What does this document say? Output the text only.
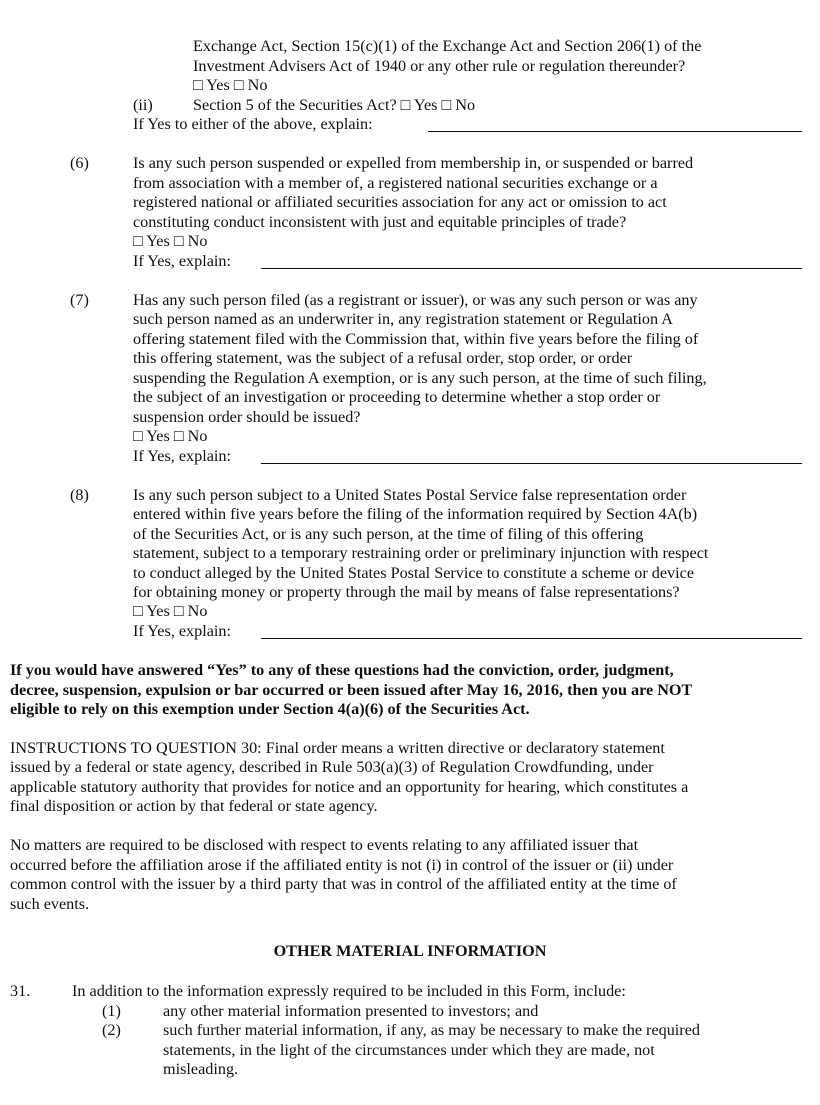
Exchange Act, Section 15(c)(1) of the Exchange Act and Section 206(1) of the
Investment Advisers Act of 1940 or any other rule or regulation thereunder?
□ Yes □ No
(ii) Section 5 of the Securities Act? □ Yes □ No
If Yes to either of the above, explain:
(6)	Is any such person suspended or expelled from membership in, or suspended or barred
from association with a member of, a registered national securities exchange or a
registered national or affiliated securities association for any act or omission to act
constituting conduct inconsistent with just and equitable principles of trade?
□ Yes □ No
If Yes, explain:
(7)	Has any such person filed (as a registrant or issuer), or was any such person or was any
such person named as an underwriter in, any registration statement or Regulation A
offering statement filed with the Commission that, within five years before the filing of
this offering statement, was the subject of a refusal order, stop order, or order
suspending the Regulation A exemption, or is any such person, at the time of such filing,
the subject of an investigation or proceeding to determine whether a stop order or
suspension order should be issued?
□ Yes □ No
If Yes, explain:
(8)	Is any such person subject to a United States Postal Service false representation order
entered within five years before the filing of the information required by Section 4A(b)
of the Securities Act, or is any such person, at the time of filing of this offering
statement, subject to a temporary restraining order or preliminary injunction with respect
to conduct alleged by the United States Postal Service to constitute a scheme or device
for obtaining money or property through the mail by means of false representations?
□ Yes □ No
If Yes, explain:
If you would have answered “Yes” to any of these questions had the conviction, order, judgment,
decree, suspension, expulsion or bar occurred or been issued after May 16, 2016, then you are NOT
eligible to rely on this exemption under Section 4(a)(6) of the Securities Act.
INSTRUCTIONS TO QUESTION 30: Final order means a written directive or declaratory statement
issued by a federal or state agency, described in Rule 503(a)(3) of Regulation Crowdfunding, under
applicable statutory authority that provides for notice and an opportunity for hearing, which constitutes a
final disposition or action by that federal or state agency.
No matters are required to be disclosed with respect to events relating to any affiliated issuer that
occurred before the affiliation arose if the affiliated entity is not (i) in control of the issuer or (ii) under
common control with the issuer by a third party that was in control of the affiliated entity at the time of
such events.
OTHER MATERIAL INFORMATION
31.	In addition to the information expressly required to be included in this Form, include:
(1)	any other material information presented to investors; and
(2)	such further material information, if any, as may be necessary to make the required
statements, in the light of the circumstances under which they are made, not
misleading.
